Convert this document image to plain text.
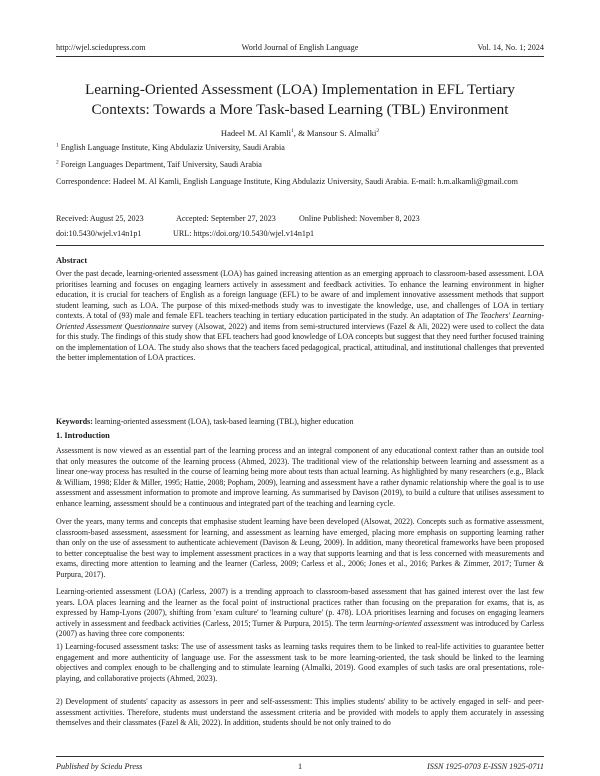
http://wjel.sciedupress.com	World Journal of English Language	Vol. 14, No. 1; 2024
Learning-Oriented Assessment (LOA) Implementation in EFL Tertiary
Contexts: Towards a More Task-based Learning (TBL) Environment
Hadeel M. Al Kamli$^1$, & Mansour S. Almalki$^2$
$^1$ English Language Institute, King Abdulaziz University, Saudi Arabia
$^2$ Foreign Languages Department, Taif University, Saudi Arabia
Correspondence: Hadeel M. Al Kamli, English Language Institute, King Abdulaziz University, Saudi Arabia. E-mail: h.m.alkamli@gmail.com
Received: August 25, 2023	Accepted: September 27, 2023	Online Published: November 8, 2023
doi:10.5430/wjel.v14n1p1	URL: https://doi.org/10.5430/wjel.v14n1p1
Abstract
Over the past decade, learning-oriented assessment (LOA) has gained increasing attention as an emerging approach to classroom-based assessment. LOA prioritises learning and focuses on engaging learners actively in assessment and feedback activities. To enhance the learning environment in higher education, it is crucial for teachers of English as a foreign language (EFL) to be aware of and implement innovative assessment methods that support student learning, such as LOA. The purpose of this mixed-methods study was to investigate the knowledge, use, and challenges of LOA in tertiary contexts. A total of (93) male and female EFL teachers teaching in tertiary education participated in the study. An adaptation of The Teachers' Learning-Oriented Assessment Questionnaire survey (Alsowat, 2022) and items from semi-structured interviews (Fazel & Ali, 2022) were used to collect the data for this study. The findings of this study show that EFL teachers had good knowledge of LOA concepts but suggest that they need further focused training on the implementation of LOA. The study also shows that the teachers faced pedagogical, practical, attitudinal, and institutional challenges that prevented the better implementation of LOA practices.
Keywords: learning-oriented assessment (LOA), task-based learning (TBL), higher education
1. Introduction
Assessment is now viewed as an essential part of the learning process and an integral component of any educational context rather than an outside tool that only measures the outcome of the learning process (Ahmed, 2023). The traditional view of the relationship between learning and assessment as a linear one-way process has resulted in the course of learning being more about tests than actual learning. As highlighted by many researchers (e.g., Black & William, 1998; Elder & Miller, 1995; Hattie, 2008; Popham, 2009), learning and assessment have a rather dynamic relationship where the goal is to use assessment and assessment information to promote and improve learning. As summarised by Davison (2019), to build a culture that utilises assessment to enhance learning, assessment should be a continuous and integrated part of the teaching and learning cycle.
Over the years, many terms and concepts that emphasise student learning have been developed (Alsowat, 2022). Concepts such as formative assessment, classroom-based assessment, assessment for learning, and assessment as learning have emerged, placing more emphasis on supporting learning rather than only on the use of assessment to authenticate achievement (Davison & Leung, 2009). In addition, many theoretical frameworks have been proposed to better conceptualise the best way to implement assessment practices in a way that supports learning and that is less concerned with measurements and exams, directing more attention to learning and the learner (Carless, 2009; Carless et al., 2006; Jones et al., 2016; Parkes & Zimmer, 2017; Turner & Purpura, 2017).
Learning-oriented assessment (LOA) (Carless, 2007) is a trending approach to classroom-based assessment that has gained interest over the last few years. LOA places learning and the learner as the focal point of instructional practices rather than focusing on the preparation for exams, that is, as expressed by Hamp-Lyons (2007), shifting from 'exam culture' to 'learning culture' (p. 478). LOA prioritises learning and focuses on engaging learners actively in assessment and feedback activities (Carless, 2015; Turner & Purpura, 2015). The term learning-oriented assessment was introduced by Carless (2007) as having three core components:
1) Learning-focused assessment tasks: The use of assessment tasks as learning tasks requires them to be linked to real-life activities to guarantee better engagement and more authenticity of language use. For the assessment task to be more learning-oriented, the task should be linked to the learning objectives and complex enough to be challenging and to stimulate learning (Almalki, 2019). Good examples of such tasks are oral presentations, role-playing, and collaborative projects (Ahmed, 2023).
2) Development of students' capacity as assessors in peer and self-assessment: This implies students' ability to be actively engaged in self- and peer-assessment activities. Therefore, students must understand the assessment criteria and be provided with models to apply them accurately in assessing themselves and their classmates (Fazel & Ali, 2022). In addition, students should be not only trained to do
Published by Sciedu Press	1	ISSN 1925-0703 E-ISSN 1925-0711
